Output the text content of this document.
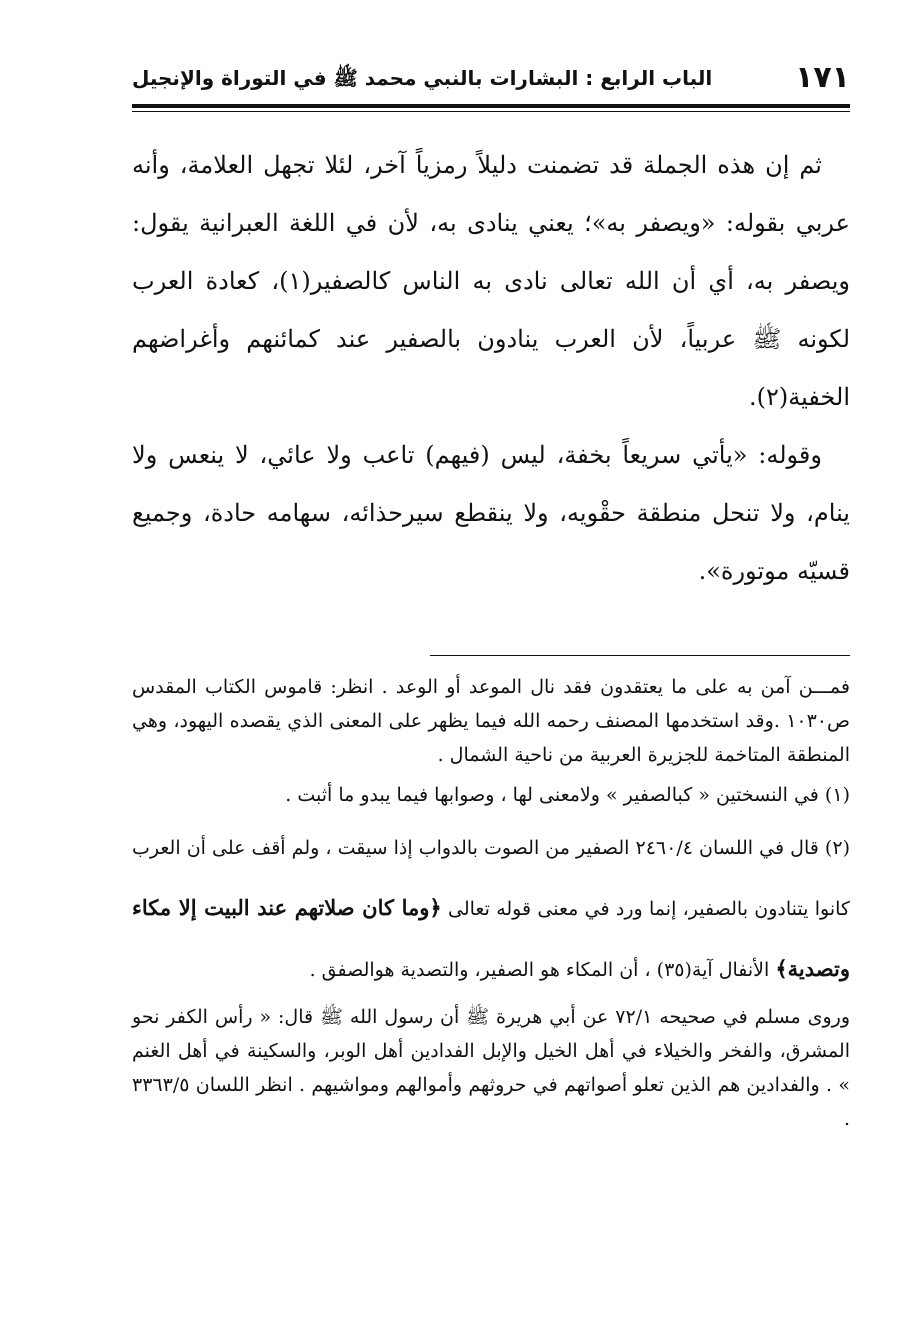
١٧١
الباب الرابع : البشارات بالنبي محمد ﷺ في التوراة والإنجيل

ثم إن هذه الجملة قد تضمنت دليلاً رمزياً آخر، لئلا تجهل العلامة، وأنه عربي بقوله: «ويصفر به»؛ يعني ينادى به، لأن في اللغة العبرانية يقول: ويصفر به، أي أن الله تعالى نادى به الناس كالصفير(١)، كعادة العرب لكونه ﷺ عربياً، لأن العرب ينادون بالصفير عند كمائنهم وأغراضهم الخفية(٢).

وقوله: «يأتي سريعاً بخفة، ليس (فيهم) تاعب ولا عائي، لا ينعس ولا ينام، ولا تنحل منطقة حقْويه، ولا ينقطع سيرحذائه، سهامه حادة، وجميع قسيّه موتورة».

فمـــن آمن به على ما يعتقدون فقد نال الموعد أو الوعد . انظر: قاموس الكتاب المقدس ص١٠٣٠ .وقد استخدمها المصنف رحمه الله فيما يظهر على المعنى الذي يقصده اليهود، وهي المنطقة المتاخمة للجزيرة العربية من ناحية الشمال .

(١) في النسختين « كبالصفير » ولامعنى لها ، وصوابها فيما يبدو ما أثبت .

(٢) قال في اللسان ٢٤٦٠/٤ الصفير من الصوت بالدواب إذا سيقت ، ولم أقف على أن العرب كانوا يتنادون بالصفير، إنما ورد في معنى قوله تعالى ﴿وما كان صلاتهم عند البيت إلا مكاء وتصدية﴾ الأنفال آية(٣٥) ، أن المكاء هو الصفير، والتصدية هوالصفق .

وروى مسلم في صحيحه ٧٢/١ عن أبي هريرة ﷺ أن رسول الله ﷺ قال: « رأس الكفر نحو المشرق، والفخر والخيلاء في أهل الخيل والإبل الفدادين أهل الوبر، والسكينة في أهل الغنم » . والفدادين هم الذين تعلو أصواتهم في حروثهم وأموالهم ومواشيهم . انظر اللسان ٣٣٦٣/٥ .
